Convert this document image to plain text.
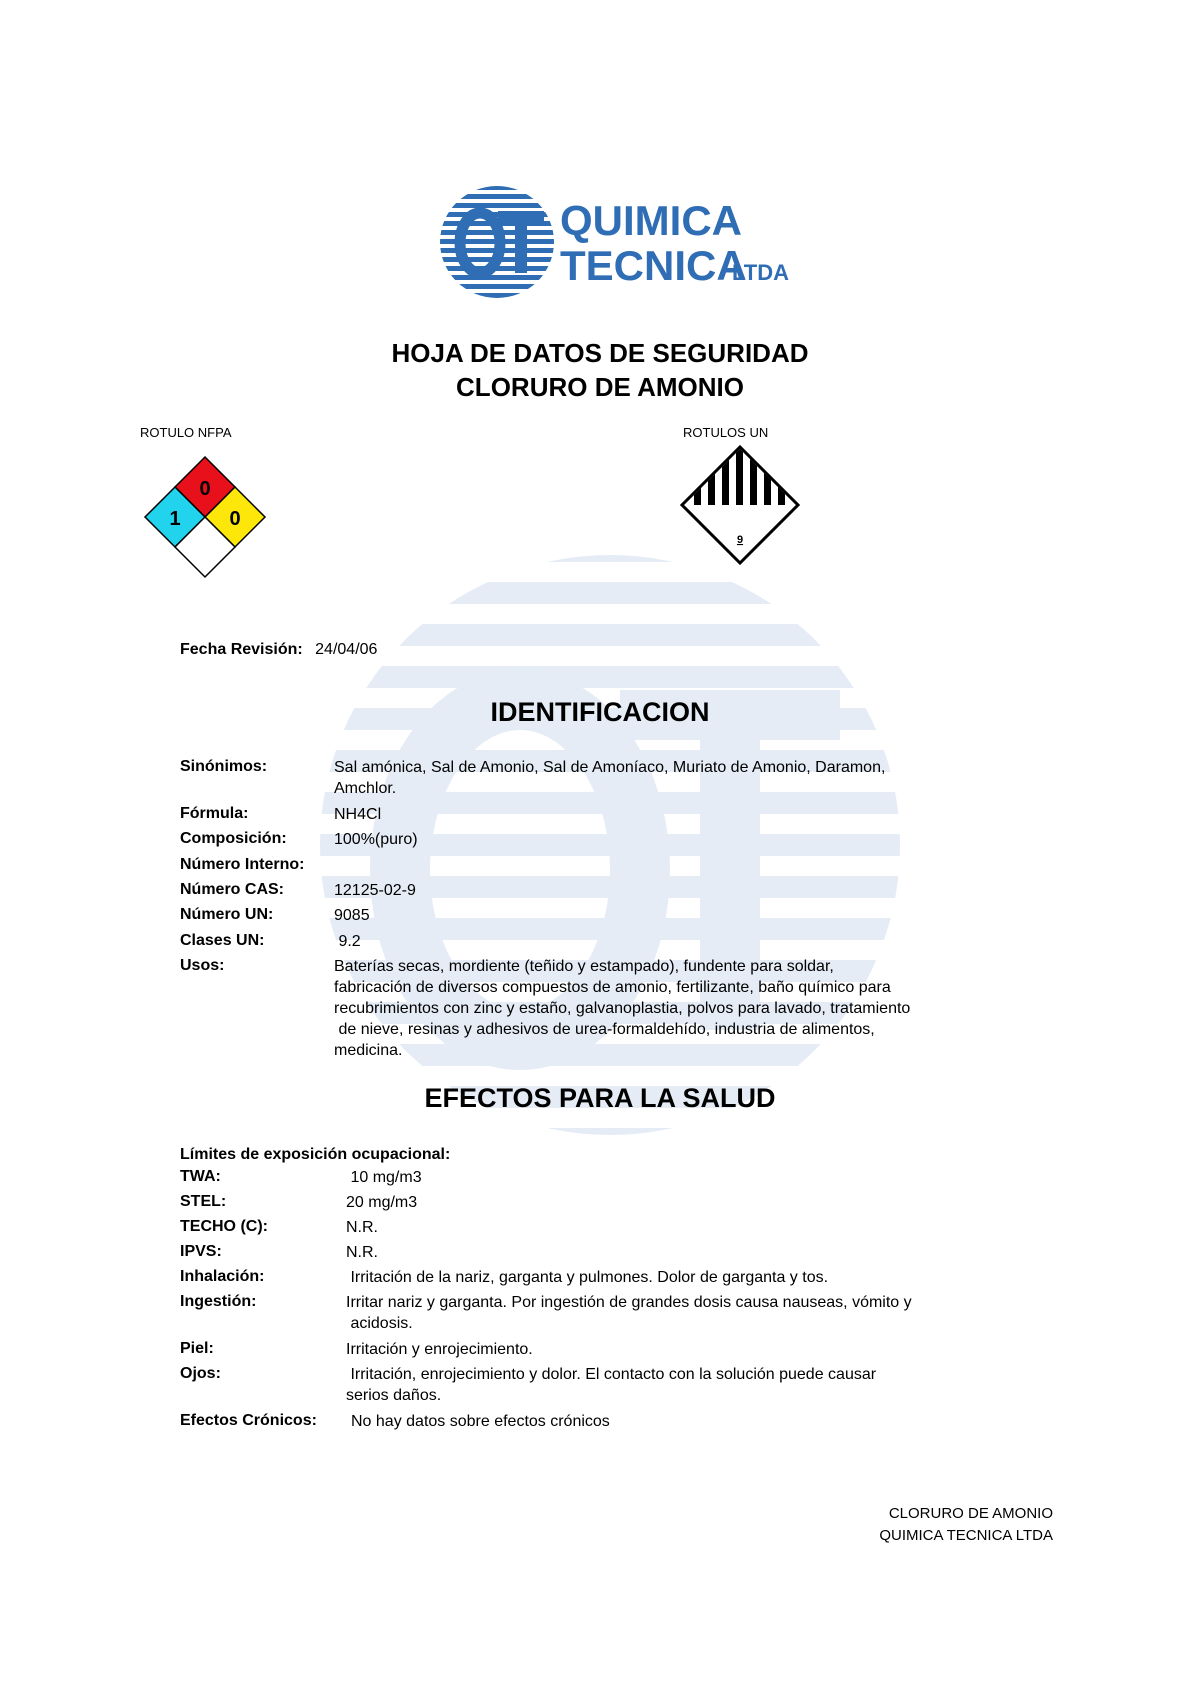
QUIMICA
TECNICA
LTDA
HOJA DE DATOS DE SEGURIDAD
CLORURO DE AMONIO
ROTULO NFPA	ROTULOS UN
0
1 0
9
Fecha Revisión: 24/04/06
IDENTIFICACION
Sinónimos:	Sal amónica, Sal de Amonio, Sal de Amoníaco, Muriato de Amonio, Daramon,
Amchlor.
Fórmula:	NH4Cl
Composición:	100%(puro)
Número Interno:
Número CAS:	12125-02-9
Número UN:	9085
Clases UN:	9.2
Usos:	Baterías secas, mordiente (teñido y estampado), fundente para soldar,
fabricación de diversos compuestos de amonio, fertilizante, baño químico para
recubrimientos con zinc y estaño, galvanoplastia, polvos para lavado, tratamiento
de nieve, resinas y adhesivos de urea-formaldehído, industria de alimentos,
medicina.
EFECTOS PARA LA SALUD
Límites de exposición ocupacional:
TWA:	10 mg/m3
STEL:	20 mg/m3
TECHO (C):	N.R.
IPVS:	N.R.
Inhalación:	Irritación de la nariz, garganta y pulmones. Dolor de garganta y tos.
Ingestión:	Irritar nariz y garganta. Por ingestión de grandes dosis causa nauseas, vómito y
acidosis.
Piel:	Irritación y enrojecimiento.
Ojos:	Irritación, enrojecimiento y dolor. El contacto con la solución puede causar
serios daños.
Efectos Crónicos: No hay datos sobre efectos crónicos
CLORURO DE AMONIO
QUIMICA TECNICA LTDA
